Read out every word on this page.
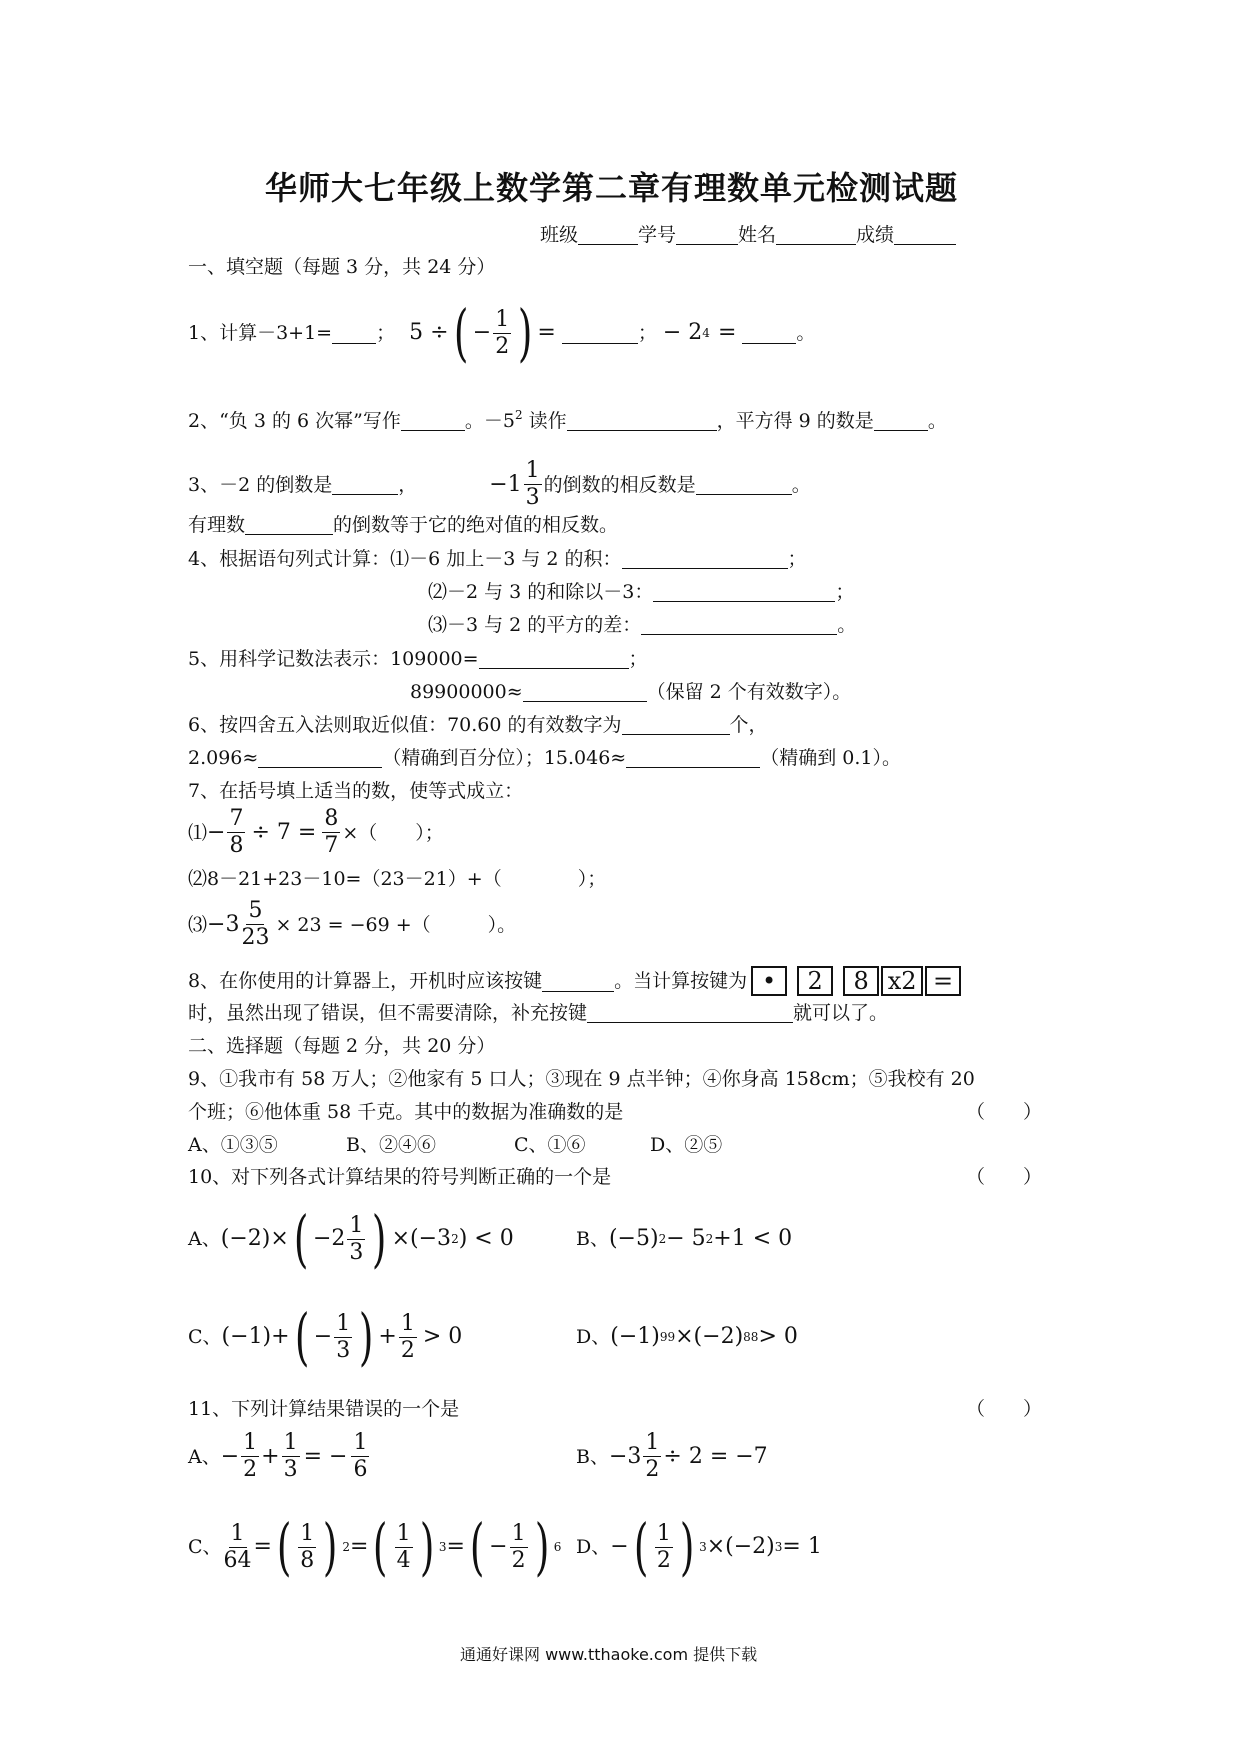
华师大七年级上数学第二章有理数单元检测试题
班级	学号	姓名	成绩
一、填空题（每题 3 分，共 24 分）
1、计算－3+1= ； 5 ÷ ( − $\frac{1}{2}$ ) =	； − 2 4 =	。
2、“负 3 的 6 次幂”写作	。$-5^2$ 读作	，平方得 9 的数是	。
3、－2 的倒数是	，	$-1 \frac{1}{3}$ 的倒数的相反数是	。
有理数	的倒数等于它的绝对值的相反数。
4、根据语句列式计算：⑴－6 加上－3 与 2 的积：	；
⑵－2 与 3 的和除以－3：	；
⑶－3 与 2 的平方的差：	。
5、用科学记数法表示：109000=	；
89900000≈	（保留 2 个有效数字）。
6、按四舍五入法则取近似值：70.60 的有效数字为	个，
2.096≈	（精确到百分位）；15.046≈	（精确到 0.1）。
7、在括号填上适当的数，使等式成立：
⑴ − $\frac{7}{8} \div 7 = \frac{8}{7}$ ×（　　）；
⑵8－21+23－10=（23－21）+（　　　　）；
⑶ $-3 \frac{5}{23} \times 23 = -69$ +（　　　）。
8、在你使用的计算器上，开机时应该按键	。当计算按键为 •	2	8 x2 =
时，虽然出现了错误，但不需要清除，补充按键	就可以了。
二、选择题（每题 2 分，共 20 分）
9、①我市有 58 万人；②他家有 5 口人；③现在 9 点半钟；④你身高 158cm；⑤我校有 20
个班；⑥他体重 58 千克。其中的数据为准确数的是	（　　）
A、①③⑤	B、②④⑥	C、①⑥	D、②⑤
10、对下列各式计算结果的符号判断正确的一个是	（　　）
A、 (−2)× ( $-2 \frac{1}{3}$ ) ×(−3 2 ) < 0	B、 (−5) 2 − 5 2 +1 < 0
C、 (−1)+ ( − $\frac{1}{3}$ ) + $\frac{1}{2} > 0$	D、 (−1) 99 ×(−2) 88 > 0
11、下列计算结果错误的一个是	（　　）
A、 − $\frac{1}{2} + \frac{1}{3}$ = − $\frac{1}{6}$	B、 $-3 \frac{1}{2} \div 2 = -7$
C、 $\frac{1}{64}$ = ( $\frac{1}{8}$ ) 2 = ( $\frac{1}{4}$ ) 3 = ( − $\frac{1}{2}$ ) 6 D、 − ( $\frac{1}{2}$ ) 3 ×(−2) 3 = 1
通通好课网 www.tthaoke.com 提供下载
